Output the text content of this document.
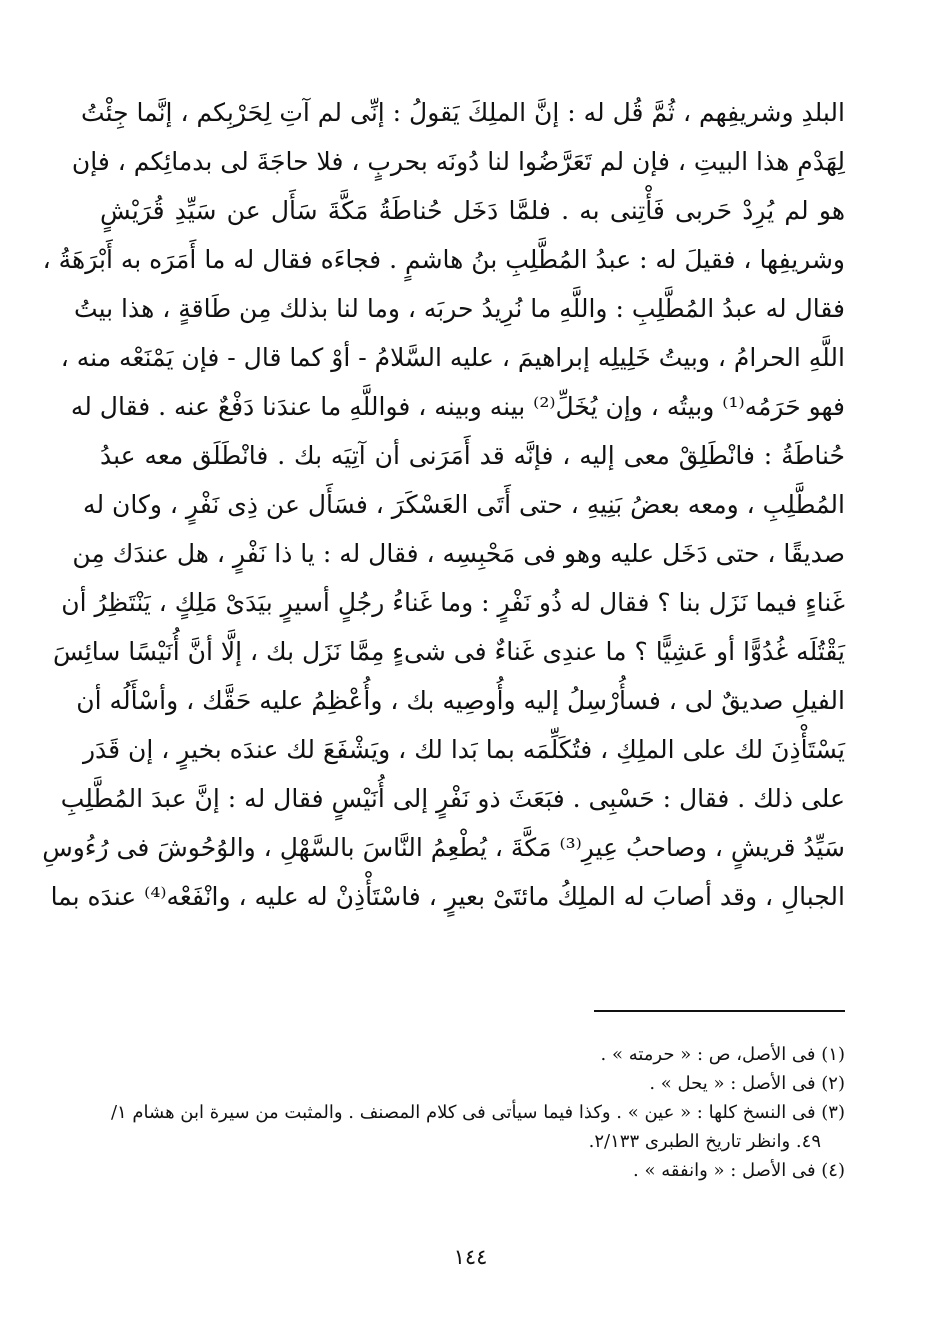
البلدِ وشريفِهم ، ثُمَّ قُل له : إنَّ الملِكَ يَقولُ : إنِّى لم آتِ لِحَرْبِكم ، إنَّما جِئْتُ
لِهَدْمِ هذا البيتِ ، فإن لم تَعَرَّضُوا لنا دُونَه بحربٍ ، فلا حاجَةَ لى بدمائِكم ، فإن
هو لم يُرِدْ حَربى فَأْتِنى به . فلمَّا دَخَل حُناطَةُ مَكَّةَ سَأَل عن سَيِّدِ قُرَيْشٍ
وشريفِها ، فقيلَ له : عبدُ المُطَّلِبِ بنُ هاشمٍ . فجاءَه فقال له ما أَمَرَه به أَبْرَهَةُ ،
فقال له عبدُ المُطَّلِبِ : واللَّهِ ما نُرِيدُ حربَه ، وما لنا بذلك مِن طَاقةٍ ، هذا بيتُ
اللَّهِ الحرامُ ، وبيتُ خَلِيلِه إبراهيمَ ، عليه السَّلامُ - أوْ كما قال - فإن يَمْنَعْه منه ،
فهو حَرَمُه⁽¹⁾ وبيتُه ، وإن يُخَلِّ⁽²⁾ بينه وبينه ، فواللَّهِ ما عندَنا دَفْعٌ عنه . فقال له
حُناطَةُ : فانْطَلِقْ معى إليه ، فإنَّه قد أَمَرَنى أن آتِيَه بك . فانْطَلَق معه عبدُ
المُطَّلِبِ ، ومعه بعضُ بَنِيهِ ، حتى أَتَى العَسْكَرَ ، فسَأَل عن ذِى نَفْرٍ ، وكان له
صديقًا ، حتى دَخَل عليه وهو فى مَحْبِسِه ، فقال له : يا ذا نَفْرٍ ، هل عندَك مِن
غَناءٍ فيما نَزَل بنا ؟ فقال له ذُو نَفْرٍ : وما غَناءُ رجُلٍ أسيرٍ بيَدَىْ مَلِكٍ ، يَنْتَظِرُ أن
يَقْتُلَه غُدُوًّا أو عَشِيًّا ؟ ما عندِى غَناءٌ فى شىءٍ مِمَّا نَزَل بك ، إلَّا أنَّ أُنَيْسًا سائِسَ
الفيلِ صديقٌ لى ، فسأُرْسِلُ إليه وأُوصِيه بك ، وأُعْظِمُ عليه حَقَّك ، وأسْأَلُه أن
يَسْتَأْذِنَ لك على الملِكِ ، فتُكَلِّمَه بما بَدا لك ، ويَشْفَعَ لك عندَه بخيرٍ ، إن قَدَر
على ذلك . فقال : حَسْبِى . فبَعَثَ ذو نَفْرٍ إلى أُنَيْسٍ فقال له : إنَّ عبدَ المُطَّلِبِ
سَيِّدُ قريشٍ ، وصاحبُ عِيرِ⁽³⁾ مَكَّةَ ، يُطْعِمُ النَّاسَ بالسَّهْلِ ، والوُحُوشَ فى رُءُوسِ
الجبالِ ، وقد أصابَ له الملِكُ مائتَىْ بعيرٍ ، فاسْتَأْذِنْ له عليه ، وانْفَعْه⁽⁴⁾ عندَه بما
(١) فى الأصل، ص : « حرمته » .
(٢) فى الأصل : « يحل » .
(٣) فى النسخ كلها : « عين » . وكذا فيما سيأتى فى كلام المصنف . والمثبت من سيرة ابن هشام ١/
٤٩. وانظر تاريخ الطبرى ٢/١٣٣.
(٤) فى الأصل : « وانفقه » .
١٤٤
